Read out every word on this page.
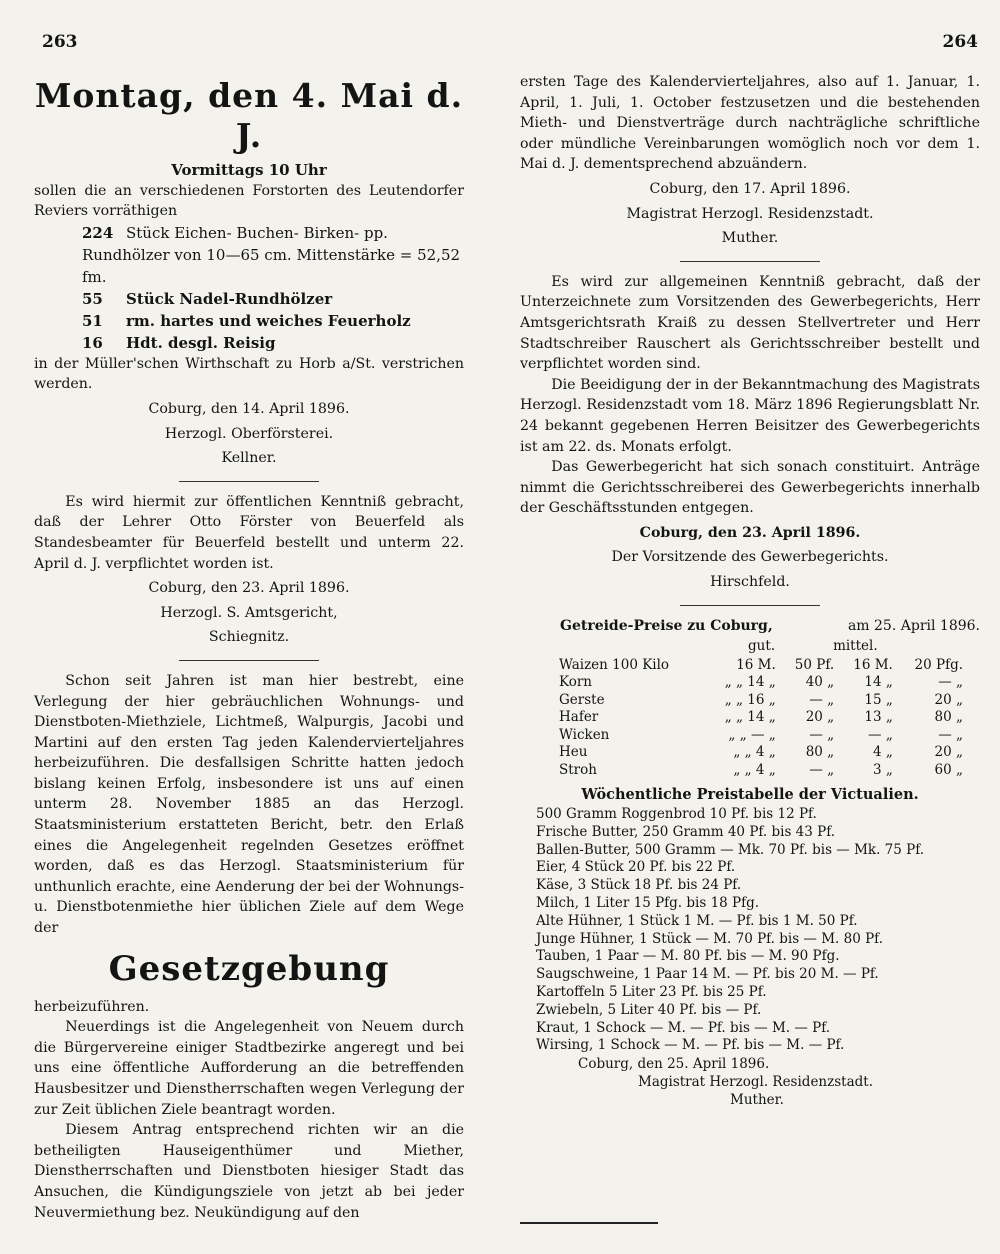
263	264
Montag, den 4. Mai d. J.
Vormittags 10 Uhr

sollen die an verschiedenen Forstorten des Leutendorfer Reviers vorräthigen

224 Stück Eichen- Buchen- Birken- pp. Rundhölzer von 10—65 cm. Mittenstärke = 52,52 fm.
55 Stück Nadel-Rundhölzer
51 rm. hartes und weiches Feuerholz
16 Hdt. desgl. Reisig

in der Müller'schen Wirthschaft zu Horb a/St. verstrichen werden.

Coburg, den 14. April 1896.
Herzogl. Oberförsterei.
Kellner.

Es wird hiermit zur öffentlichen Kenntniß gebracht, daß der Lehrer Otto Förster von Beuerfeld als Standesbeamter für Beuerfeld bestellt und unterm 22. April d. J. verpflichtet worden ist.

Coburg, den 23. April 1896.
Herzogl. S. Amtsgericht,
Schiegnitz.

Schon seit Jahren ist man hier bestrebt, eine Verlegung der hier gebräuchlichen Wohnungs- und Dienstboten-Miethziele, Lichtmeß, Walpurgis, Jacobi und Martini auf den ersten Tag jeden Kalendervierteljahres herbeizuführen. Die desfallsigen Schritte hatten jedoch bislang keinen Erfolg, insbesondere ist uns auf einen unterm 28. November 1885 an das Herzogl. Staatsministerium erstatteten Bericht, betr. den Erlaß eines die Angelegenheit regelnden Gesetzes eröffnet worden, daß es das Herzogl. Staatsministerium für unthunlich erachte, eine Aenderung der bei der Wohnungs- u. Dienstbotenmiethe hier üblichen Ziele auf dem Wege der

Gesetzgebung

herbeizuführen.

Neuerdings ist die Angelegenheit von Neuem durch die Bürgervereine einiger Stadtbezirke angeregt und bei uns eine öffentliche Aufforderung an die betreffenden Hausbesitzer und Dienstherrschaften wegen Verlegung der zur Zeit üblichen Ziele beantragt worden.

Diesem Antrag entsprechend richten wir an die betheiligten Hauseigenthümer und Miether, Dienstherrschaften und Dienstboten hiesiger Stadt das Ansuchen, die Kündigungsziele von jetzt ab bei jeder Neuvermiethung bez. Neukündigung auf den

ersten Tage des Kalendervierteljahres, also auf 1. Januar, 1. April, 1. Juli, 1. October festzusetzen und die bestehenden Mieth- und Dienstverträge durch nachträgliche schriftliche oder mündliche Vereinbarungen womöglich noch vor dem 1. Mai d. J. dementsprechend abzuändern.

Coburg, den 17. April 1896.
Magistrat Herzogl. Residenzstadt.
Muther.

Es wird zur allgemeinen Kenntniß gebracht, daß der Unterzeichnete zum Vorsitzenden des Gewerbegerichts, Herr Amtsgerichtsrath Kraiß zu dessen Stellvertreter und Herr Stadtschreiber Rauschert als Gerichtsschreiber bestellt und verpflichtet worden sind.

Die Beeidigung der in der Bekanntmachung des Magistrats Herzogl. Residenzstadt vom 18. März 1896 Regierungsblatt Nr. 24 bekannt gegebenen Herren Beisitzer des Gewerbegerichts ist am 22. ds. Monats erfolgt.

Das Gewerbegericht hat sich sonach constituirt. Anträge nimmt die Gerichtsschreiberei des Gewerbegerichts innerhalb der Geschäftsstunden entgegen.

Coburg, den 23. April 1896.
Der Vorsitzende des Gewerbegerichts.
Hirschfeld.
Getreide-Preise zu Coburg,	am 25. April 1896.
gut.	mittel.
Waizen 100 Kilo	16 M.	50 Pf.	16 M.	20 Pfg.
Korn	„ „ 14 „	40 „	14 „	— „
Gerste	„ „ 16 „	— „	15 „	20 „
Hafer	„ „ 14 „	20 „	13 „	80 „
Wicken	„ „ — „	— „	— „	— „
Heu	„ „ 4 „	80 „	4 „	20 „
Stroh	„ „ 4 „	— „	3 „	60 „
Wöchentliche Preistabelle der Victualien.
500 Gramm Roggenbrod 10 Pf. bis 12 Pf.
Frische Butter, 250 Gramm 40 Pf. bis 43 Pf.
Ballen-Butter, 500 Gramm — Mk. 70 Pf. bis — Mk. 75 Pf.
Eier, 4 Stück 20 Pf. bis 22 Pf.
Käse, 3 Stück 18 Pf. bis 24 Pf.
Milch, 1 Liter 15 Pfg. bis 18 Pfg.
Alte Hühner, 1 Stück 1 M. — Pf. bis 1 M. 50 Pf.
Junge Hühner, 1 Stück — M. 70 Pf. bis — M. 80 Pf.
Tauben, 1 Paar — M. 80 Pf. bis — M. 90 Pfg.
Saugschweine, 1 Paar 14 M. — Pf. bis 20 M. — Pf.
Kartoffeln 5 Liter 23 Pf. bis 25 Pf.
Zwiebeln, 5 Liter 40 Pf. bis — Pf.
Kraut, 1 Schock — M. — Pf. bis — M. — Pf.
Wirsing, 1 Schock — M. — Pf. bis — M. — Pf.
Coburg, den 25. April 1896.
Magistrat Herzogl. Residenzstadt.
Muther.
